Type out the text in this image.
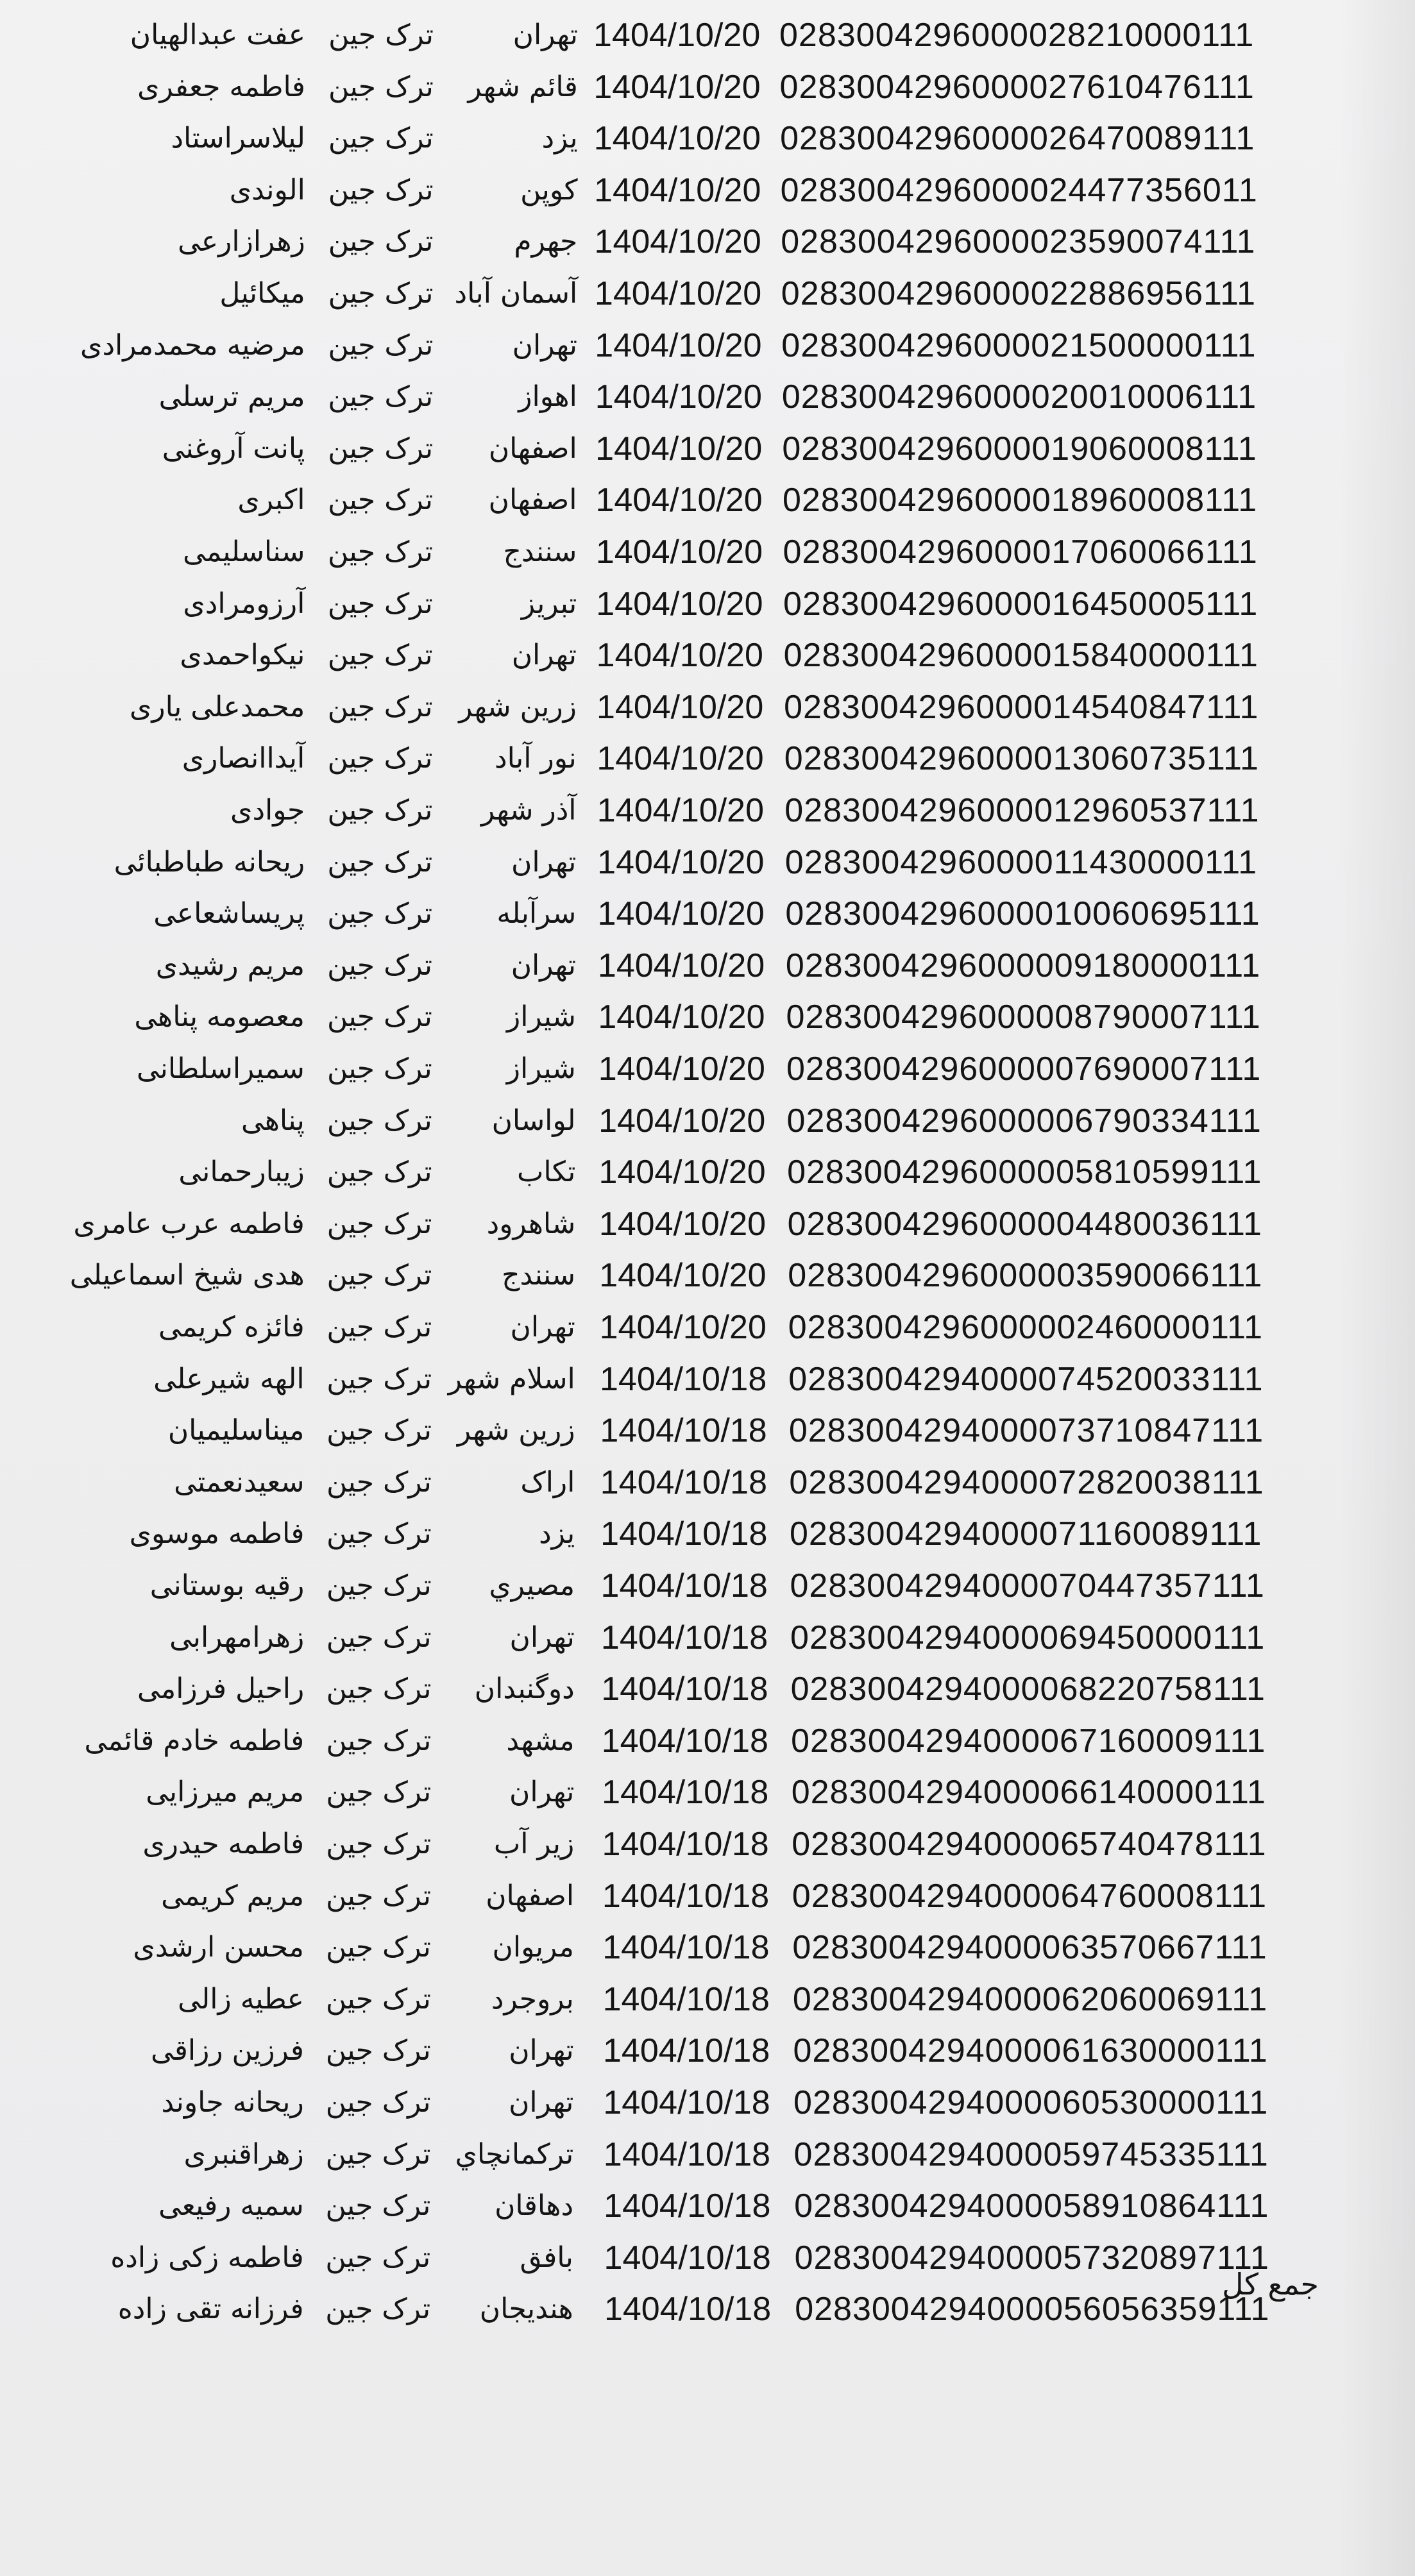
0283004296000028210000111
1404/10/20
تهران
ترک جین
عفت عبدالهیان
0283004296000027610476111
1404/10/20
قائم شهر
ترک جین
فاطمه جعفری
0283004296000026470089111
1404/10/20
یزد
ترک جین
لیلاسراستاد
0283004296000024477356011
1404/10/20
کوپن
ترک جین
الوندی
0283004296000023590074111
1404/10/20
جهرم
ترک جین
زهرازارعی
0283004296000022886956111
1404/10/20
آسمان آباد
ترک جین
میکائیل
0283004296000021500000111
1404/10/20
تهران
ترک جین
مرضیه محمدمرادی
0283004296000020010006111
1404/10/20
اهواز
ترک جین
مریم ترسلی
0283004296000019060008111
1404/10/20
اصفهان
ترک جین
پانت آروغنی
0283004296000018960008111
1404/10/20
اصفهان
ترک جین
اکبری
0283004296000017060066111
1404/10/20
سنندج
ترک جین
سناسلیمی
0283004296000016450005111
1404/10/20
تبریز
ترک جین
آرزومرادی
0283004296000015840000111
1404/10/20
تهران
ترک جین
نیکواحمدی
0283004296000014540847111
1404/10/20
زرین شهر
ترک جین
محمدعلی یاری
0283004296000013060735111
1404/10/20
نور آباد
ترک جین
آیداانصاری
0283004296000012960537111
1404/10/20
آذر شهر
ترک جین
جوادی
0283004296000011430000111
1404/10/20
تهران
ترک جین
ریحانه طباطبائی
0283004296000010060695111
1404/10/20
سرآبله
ترک جین
پریساشعاعی
0283004296000009180000111
1404/10/20
تهران
ترک جین
مریم رشیدی
0283004296000008790007111
1404/10/20
شیراز
ترک جین
معصومه پناهی
0283004296000007690007111
1404/10/20
شیراز
ترک جین
سمیراسلطانی
0283004296000006790334111
1404/10/20
لواسان
ترک جین
پناهی
0283004296000005810599111
1404/10/20
تکاب
ترک جین
زیبارحمانی
0283004296000004480036111
1404/10/20
شاهرود
ترک جین
فاطمه عرب عامری
0283004296000003590066111
1404/10/20
سنندج
ترک جین
هدی شیخ اسماعیلی
0283004296000002460000111
1404/10/20
تهران
ترک جین
فائزه کریمی
0283004294000074520033111
1404/10/18
اسلام شهر
ترک جین
الهه شیرعلی
0283004294000073710847111
1404/10/18
زرین شهر
ترک جین
میناسلیمیان
0283004294000072820038111
1404/10/18
اراک
ترک جین
سعیدنعمتی
0283004294000071160089111
1404/10/18
یزد
ترک جین
فاطمه موسوی
0283004294000070447357111
1404/10/18
مصيري
ترک جین
رقیه بوستانی
0283004294000069450000111
1404/10/18
تهران
ترک جین
زهرامهرابی
0283004294000068220758111
1404/10/18
دوگنبدان
ترک جین
راحیل فرزامی
0283004294000067160009111
1404/10/18
مشهد
ترک جین
فاطمه خادم قائمی
0283004294000066140000111
1404/10/18
تهران
ترک جین
مریم میرزایی
0283004294000065740478111
1404/10/18
زیر آب
ترک جین
فاطمه حیدری
0283004294000064760008111
1404/10/18
اصفهان
ترک جین
مریم کریمی
0283004294000063570667111
1404/10/18
مریوان
ترک جین
محسن ارشدی
0283004294000062060069111
1404/10/18
بروجرد
ترک جین
عطیه زالی
0283004294000061630000111
1404/10/18
تهران
ترک جین
فرزین رزاقی
0283004294000060530000111
1404/10/18
تهران
ترک جین
ریحانه جاوند
0283004294000059745335111
1404/10/18
ترکمانچاي
ترک جین
زهراقنبری
0283004294000058910864111
1404/10/18
دهاقان
ترک جین
سمیه رفیعی
0283004294000057320897111
1404/10/18
بافق
ترک جین
فاطمه زکی زاده
0283004294000056056359111
1404/10/18
هندیجان
ترک جین
فرزانه تقی زاده
جمع کل
